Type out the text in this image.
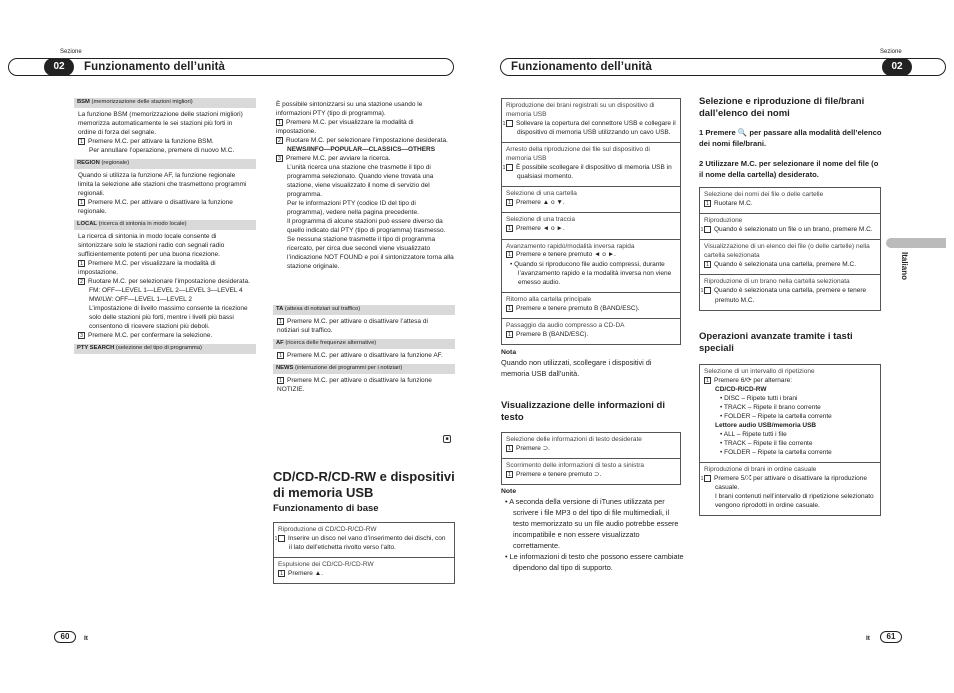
Sezione
Funzionamento dell’unità
02
Sezione
Funzionamento dell’unità	02
BSM (memorizzazione delle stazioni migliori)

La funzione BSM (memorizzazione delle stazioni migliori) memorizza automaticamente le sei stazioni più forti in ordine di forza del segnale.

1 Premere M.C. per attivare la funzione BSM.

Per annullare l’operazione, premere di nuovo M.C.

REGION (regionale)

Quando si utilizza la funzione AF, la funzione regionale limita la selezione alle stazioni che trasmettono programmi regionali.

1 Premere M.C. per attivare o disattivare la funzione regionale.

LOCAL (ricerca di sintonia in modo locale)

La ricerca di sintonia in modo locale consente di sintonizzare solo le stazioni radio con segnali radio sufficientemente potenti per una buona ricezione.

1 Premere M.C. per visualizzare la modalità di impostazione.

2 Ruotare M.C. per selezionare l’impostazione desiderata.

FM: OFF—LEVEL 1—LEVEL 2—LEVEL 3—LEVEL 4

MW/LW: OFF—LEVEL 1—LEVEL 2

L’impostazione di livello massimo consente la ricezione solo delle stazioni più forti, mentre i livelli più bassi consentono di ricevere stazioni più deboli.

3 Premere M.C. per confermare la selezione.

PTY SEARCH (selezione del tipo di programma)

È possibile sintonizzarsi su una stazione usando le informazioni PTY (tipo di programma).

1 Premere M.C. per visualizzare la modalità di impostazione.

2 Ruotare M.C. per selezionare l’impostazione desiderata.

NEWS/INFO—POPULAR—CLASSICS—OTHERS

3 Premere M.C. per avviare la ricerca.

L’unità ricerca una stazione che trasmette il tipo di programma selezionato. Quando viene trovata una stazione, viene visualizzato il nome di servizio del programma.

Per le informazioni PTY (codice ID del tipo di programma), vedere nella pagina precedente.

Il programma di alcune stazioni può essere diverso da quello indicato dal PTY (tipo di programma) trasmesso.

Se nessuna stazione trasmette il tipo di programma ricercato, per circa due secondi viene visualizzato l’indicazione NOT FOUND e poi il sintonizzatore torna alla stazione originale.

TA (attesa di notiziari sul traffico)

1 Premere M.C. per attivare o disattivare l’attesa di notiziari sul traffico.

AF (ricerca delle frequenze alternative)

1 Premere M.C. per attivare o disattivare la funzione AF.

NEWS (interruzione dei programmi per i notiziari)

1 Premere M.C. per attivare o disattivare la funzione NOTIZIE.

■
CD/CD-R/CD-RW e dispositivi di memoria USB
Funzionamento di base

Riproduzione di CD/CD-R/CD-RW

1 Inserire un disco nel vano d’inserimento dei dischi, con il lato dell’etichetta rivolto verso l’alto.

Espulsione dei CD/CD-R/CD-RW

1 Premere ▲.

Riproduzione dei brani registrati su un dispositivo di memoria USB

1 Sollevare la copertura del connettore USB e collegare il dispositivo di memoria USB utilizzando un cavo USB.

Arresto della riproduzione dei file sul dispositivo di memoria USB

1 È possibile scollegare il dispositivo di memoria USB in qualsiasi momento.

Selezione di una cartella

1 Premere ▲ o ▼.

Selezione di una traccia

1 Premere ◄ o ►.

Avanzamento rapido/modalità inversa rapida

1 Premere e tenere premuto ◄ o ►.

• Quando si riproducono file audio compressi, durante l’avanzamento rapido e la modalità inversa non viene emesso audio.

Ritorno alla cartella principale

1 Premere e tenere premuto B (BAND/ESC).

Passaggio da audio compresso a CD-DA

1 Premere B (BAND/ESC).

Nota

Quando non utilizzati, scollegare i dispositivi di memoria USB dall’unità.

Visualizzazione delle informazioni di testo

Selezione delle informazioni di testo desiderate

1 Premere ⊃.

Scorrimento delle informazioni di testo a sinistra

1 Premere e tenere premuto ⊃.

Note

• A seconda della versione di iTunes utilizzata per scrivere i file MP3 o del tipo di file multimediali, il testo memorizzato su un file audio potrebbe essere incompatibile e non essere visualizzato correttamente.

• Le informazioni di testo che possono essere cambiate dipendono dal tipo di supporto.

Selezione e riproduzione di file/brani dall’elenco dei nomi
1 Premere 🔍 per passare alla modalità dell’elenco dei nomi file/brani.
2 Utilizzare M.C. per selezionare il nome del file (o il nome della cartella) desiderato.

Selezione dei nomi dei file o delle cartelle

1 Ruotare M.C.

Riproduzione

1 Quando è selezionato un file o un brano, premere M.C.

Visualizzazione di un elenco dei file (o delle cartelle) nella cartella selezionata

1 Quando è selezionata una cartella, premere M.C.

Riproduzione di un brano nella cartella selezionata

1 Quando è selezionata una cartella, premere e tenere premuto M.C.

Operazioni avanzate tramite i tasti speciali

Selezione di un intervallo di ripetizione

1 Premere 6/⟳ per alternare:

CD/CD-R/CD-RW

• DISC – Ripete tutti i brani

• TRACK – Ripete il brano corrente

• FOLDER – Ripete la cartella corrente

Lettore audio USB/memoria USB

• ALL – Ripete tutti i file

• TRACK – Ripete il file corrente

• FOLDER – Ripete la cartella corrente

Riproduzione di brani in ordine casuale

1 Premere 5/⤮ per attivare o disattivare la riproduzione casuale.

I brani contenuti nell’intervallo di ripetizione selezionato vengono riprodotti in ordine casuale.

Italiano
60	It	It	61
